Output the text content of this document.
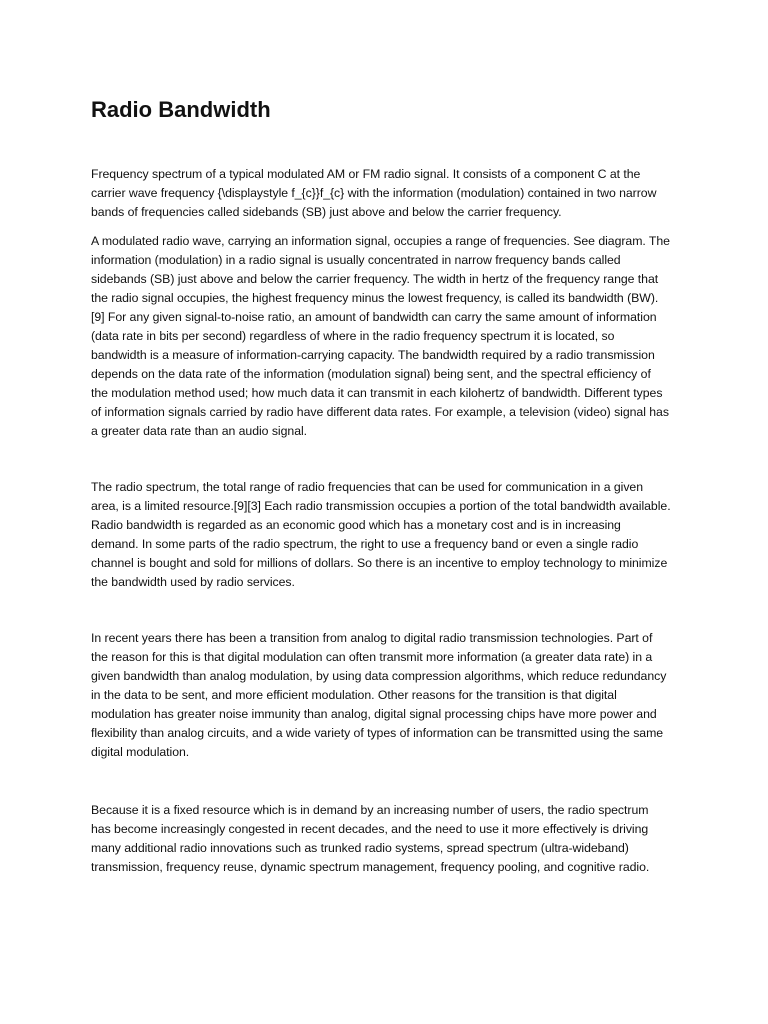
Radio Bandwidth

Frequency spectrum of a typical modulated AM or FM radio signal. It consists of a component C at the carrier wave frequency {\displaystyle f_{c}}f_{c} with the information (modulation) contained in two narrow bands of frequencies called sidebands (SB) just above and below the carrier frequency.

A modulated radio wave, carrying an information signal, occupies a range of frequencies. See diagram. The information (modulation) in a radio signal is usually concentrated in narrow frequency bands called sidebands (SB) just above and below the carrier frequency. The width in hertz of the frequency range that the radio signal occupies, the highest frequency minus the lowest frequency, is called its bandwidth (BW).[9] For any given signal-to-noise ratio, an amount of bandwidth can carry the same amount of information (data rate in bits per second) regardless of where in the radio frequency spectrum it is located, so bandwidth is a measure of information-carrying capacity. The bandwidth required by a radio transmission depends on the data rate of the information (modulation signal) being sent, and the spectral efficiency of the modulation method used; how much data it can transmit in each kilohertz of bandwidth. Different types of information signals carried by radio have different data rates. For example, a television (video) signal has a greater data rate than an audio signal.

The radio spectrum, the total range of radio frequencies that can be used for communication in a given area, is a limited resource.[9][3] Each radio transmission occupies a portion of the total bandwidth available. Radio bandwidth is regarded as an economic good which has a monetary cost and is in increasing demand. In some parts of the radio spectrum, the right to use a frequency band or even a single radio channel is bought and sold for millions of dollars. So there is an incentive to employ technology to minimize the bandwidth used by radio services.

In recent years there has been a transition from analog to digital radio transmission technologies. Part of the reason for this is that digital modulation can often transmit more information (a greater data rate) in a given bandwidth than analog modulation, by using data compression algorithms, which reduce redundancy in the data to be sent, and more efficient modulation. Other reasons for the transition is that digital modulation has greater noise immunity than analog, digital signal processing chips have more power and flexibility than analog circuits, and a wide variety of types of information can be transmitted using the same digital modulation.

Because it is a fixed resource which is in demand by an increasing number of users, the radio spectrum has become increasingly congested in recent decades, and the need to use it more effectively is driving many additional radio innovations such as trunked radio systems, spread spectrum (ultra-wideband) transmission, frequency reuse, dynamic spectrum management, frequency pooling, and cognitive radio.
